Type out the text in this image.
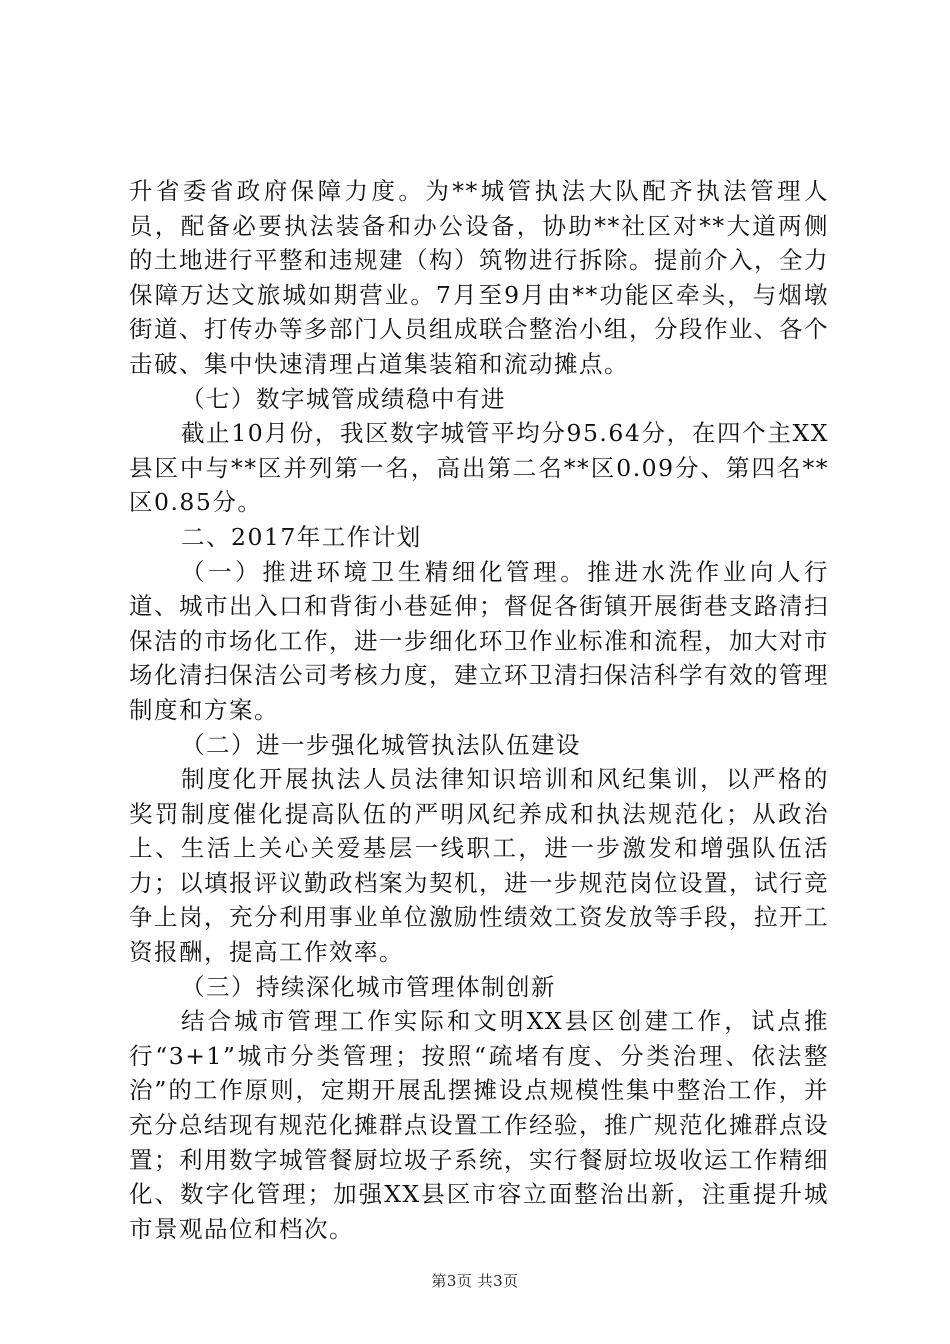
升省委省政府保障力度。为**城管执法大队配齐执法管理人员，配备必要执法装备和办公设备，协助**社区对**大道两侧的土地进行平整和违规建（构）筑物进行拆除。提前介入，全力保障万达文旅城如期营业。7月至9月由**功能区牵头，与烟墩街道、打传办等多部门人员组成联合整治小组，分段作业、各个击破、集中快速清理占道集装箱和流动摊点。

（七）数字城管成绩稳中有进

截止10月份，我区数字城管平均分95.64分，在四个主XX县区中与**区并列第一名，高出第二名**区0.09分、第四名**区0.85分。

二、2017年工作计划

（一）推进环境卫生精细化管理。推进水洗作业向人行道、城市出入口和背街小巷延伸；督促各街镇开展街巷支路清扫保洁的市场化工作，进一步细化环卫作业标准和流程，加大对市场化清扫保洁公司考核力度，建立环卫清扫保洁科学有效的管理制度和方案。

（二）进一步强化城管执法队伍建设

制度化开展执法人员法律知识培训和风纪集训，以严格的奖罚制度催化提高队伍的严明风纪养成和执法规范化；从政治上、生活上关心关爱基层一线职工，进一步激发和增强队伍活力；以填报评议勤政档案为契机，进一步规范岗位设置，试行竞争上岗，充分利用事业单位激励性绩效工资发放等手段，拉开工资报酬，提高工作效率。

（三）持续深化城市管理体制创新

结合城市管理工作实际和文明XX县区创建工作，试点推行“3+1”城市分类管理；按照“疏堵有度、分类治理、依法整治”的工作原则，定期开展乱摆摊设点规模性集中整治工作，并充分总结现有规范化摊群点设置工作经验，推广规范化摊群点设置；利用数字城管餐厨垃圾子系统，实行餐厨垃圾收运工作精细化、数字化管理；加强XX县区市容立面整治出新，注重提升城市景观品位和档次。

第3页 共3页
